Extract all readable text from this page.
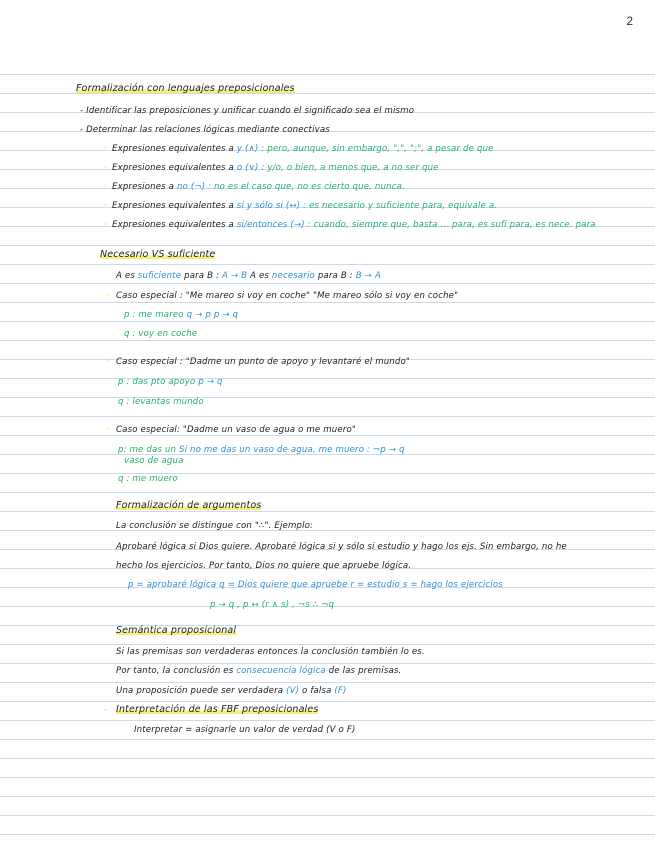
2
Formalización con lenguajes preposicionales
- Identificar las preposiciones y unificar cuando el significado sea el mismo
- Determinar las relaciones lógicas mediante conectivas
◦ Expresiones equivalentes a y (∧) : pero, aunque, sin embargo, ",", ";", a pesar de que
◦ Expresiones equivalentes a o (∨) : y/o, o bien, a menos que, a no ser que
◦ Expresiones a no (¬) : no es el caso que, no es cierto que, nunca.
◦ Expresiones equivalentes a si y sólo si (↔) : es necesario y suficiente para, equivale a.
◦ Expresiones equivalentes a si/entonces (→) : cuando, siempre que, basta ... para, es sufi para, es nece. para
Necesario VS suficiente
A es suficiente para B : A → B A es necesario para B : B → A
◦ Caso especial : "Me mareo si voy en coche" "Me mareo sólo si voy en coche"
p : me mareo q → p p → q
q : voy en coche
◦ Caso especial : "Dadme un punto de apoyo y levantaré el mundo"
p : das pto apoyo p → q
q : levantas mundo
◦ Caso especial: "Dadme un vaso de agua o me muero"
p: me das un Si no me das un vaso de agua, me muero : ¬p → q
vaso de agua
q : me muero
Formalización de argumentos
La conclusión se distingue con "∴". Ejemplo:
Aprobaré lógica si Dios quiere. Aprobaré lógica si y sólo si estudio y hago los ejs. Sin embargo, no he
hecho los ejercicios. Por tanto, Dios no quiere que apruebe lógica.
p = aprobaré lógica q = Dios quiere que apruebe r = estudio s = hago los ejercicios
p → q , p ↔ (r ∧ s) , ¬s ∴ ¬q
Semántica proposicional
Si las premisas son verdaderas entonces la conclusión también lo es.
Por tanto, la conclusión es consecuencia lógica de las premisas.
Una proposición puede ser verdadera (V) o falsa (F)
- Interpretación de las FBF preposicionales
Interpretar = asignarle un valor de verdad (V o F)
